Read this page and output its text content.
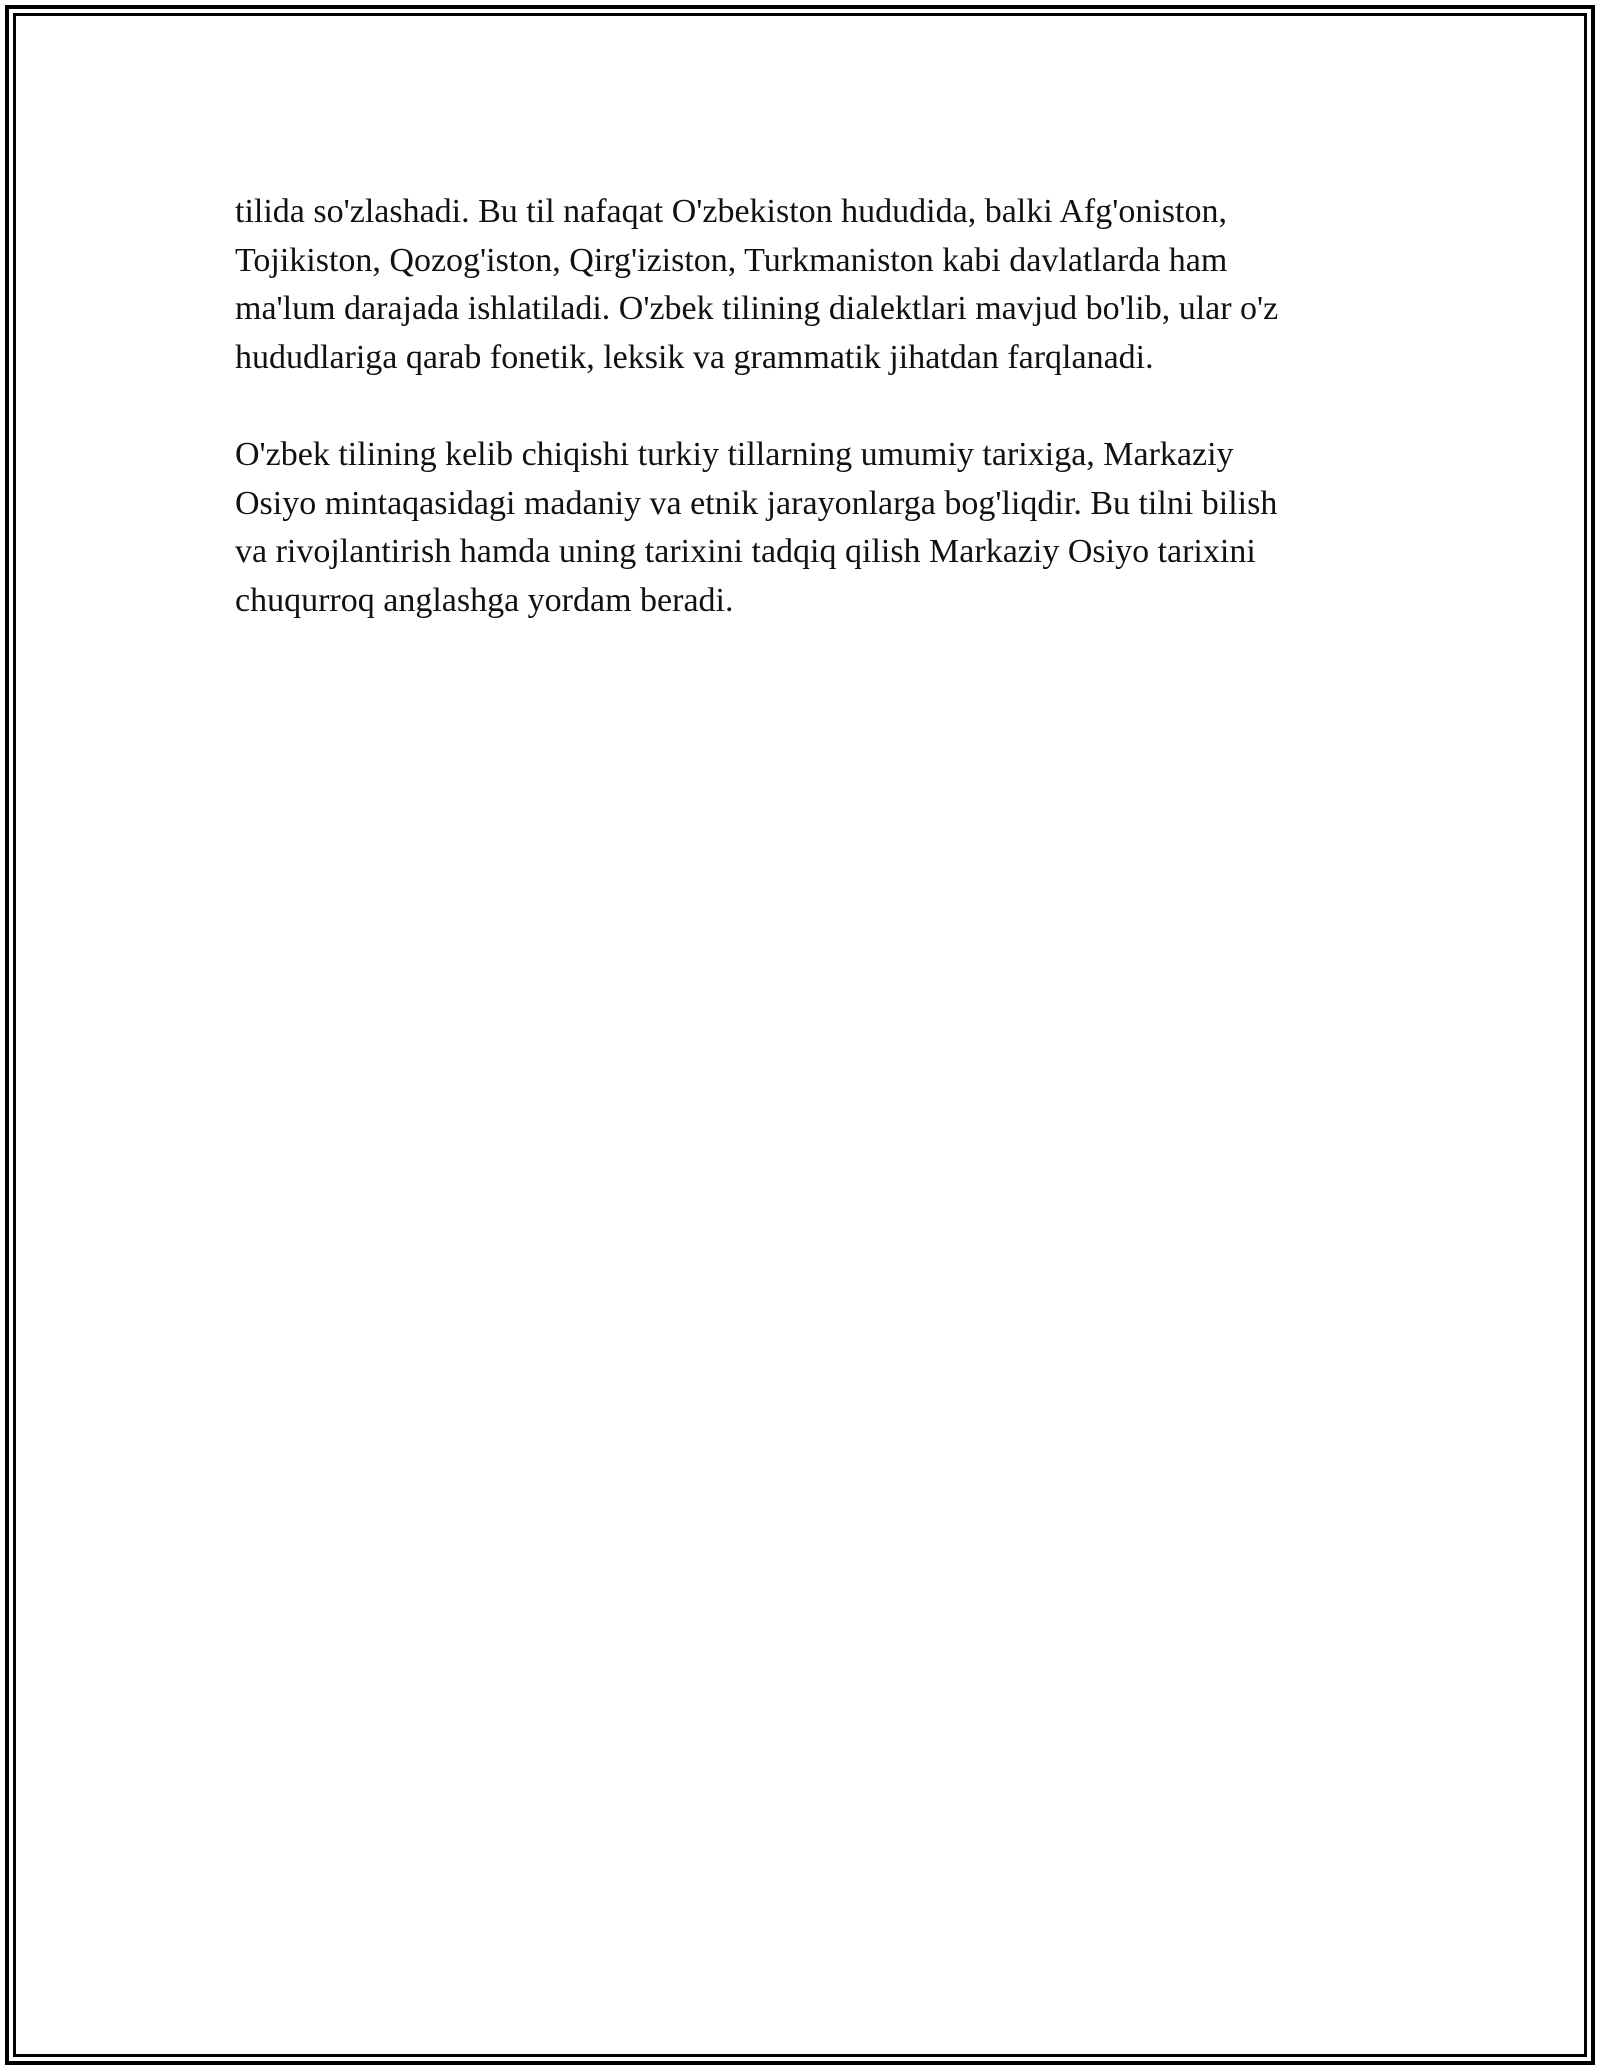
tilida so'zlashadi. Bu til nafaqat O'zbekiston hududida, balki Afg'oniston,
Tojikiston, Qozog'iston, Qirg'iziston, Turkmaniston kabi davlatlarda ham
ma'lum darajada ishlatiladi. O'zbek tilining dialektlari mavjud bo'lib, ular o'z
hududlariga qarab fonetik, leksik va grammatik jihatdan farqlanadi.

O'zbek tilining kelib chiqishi turkiy tillarning umumiy tarixiga, Markaziy
Osiyo mintaqasidagi madaniy va etnik jarayonlarga bog'liqdir. Bu tilni bilish
va rivojlantirish hamda uning tarixini tadqiq qilish Markaziy Osiyo tarixini
chuqurroq anglashga yordam beradi.
